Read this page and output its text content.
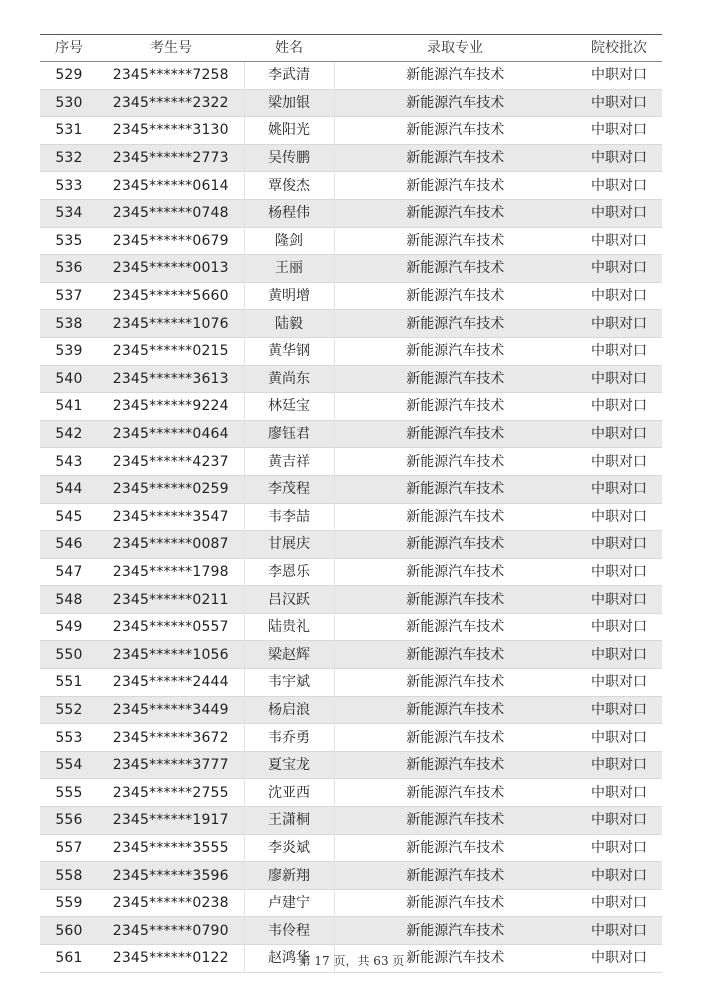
序号	考生号	姓名	录取专业	院校批次
529	2345******7258	李武清	新能源汽车技术	中职对口
530	2345******2322	梁加银	新能源汽车技术	中职对口
531	2345******3130	姚阳光	新能源汽车技术	中职对口
532	2345******2773	吴传鹏	新能源汽车技术	中职对口
533	2345******0614	覃俊杰	新能源汽车技术	中职对口
534	2345******0748	杨程伟	新能源汽车技术	中职对口
535	2345******0679	隆剑	新能源汽车技术	中职对口
536	2345******0013	王丽	新能源汽车技术	中职对口
537	2345******5660	黄明增	新能源汽车技术	中职对口
538	2345******1076	陆毅	新能源汽车技术	中职对口
539	2345******0215	黄华钢	新能源汽车技术	中职对口
540	2345******3613	黄尚东	新能源汽车技术	中职对口
541	2345******9224	林廷宝	新能源汽车技术	中职对口
542	2345******0464	廖钰君	新能源汽车技术	中职对口
543	2345******4237	黄吉祥	新能源汽车技术	中职对口
544	2345******0259	李茂程	新能源汽车技术	中职对口
545	2345******3547	韦李喆	新能源汽车技术	中职对口
546	2345******0087	甘展庆	新能源汽车技术	中职对口
547	2345******1798	李恩乐	新能源汽车技术	中职对口
548	2345******0211	吕汉跃	新能源汽车技术	中职对口
549	2345******0557	陆贵礼	新能源汽车技术	中职对口
550	2345******1056	梁赵辉	新能源汽车技术	中职对口
551	2345******2444	韦宇斌	新能源汽车技术	中职对口
552	2345******3449	杨启浪	新能源汽车技术	中职对口
553	2345******3672	韦乔勇	新能源汽车技术	中职对口
554	2345******3777	夏宝龙	新能源汽车技术	中职对口
555	2345******2755	沈亚西	新能源汽车技术	中职对口
556	2345******1917	王潇桐	新能源汽车技术	中职对口
557	2345******3555	李炎斌	新能源汽车技术	中职对口
558	2345******3596	廖新翔	新能源汽车技术	中职对口
559	2345******0238	卢建宁	新能源汽车技术	中职对口
560	2345******0790	韦伶程	新能源汽车技术	中职对口
561	2345******0122	赵鸿华	新能源汽车技术	中职对口
第 17 页，共 63 页
